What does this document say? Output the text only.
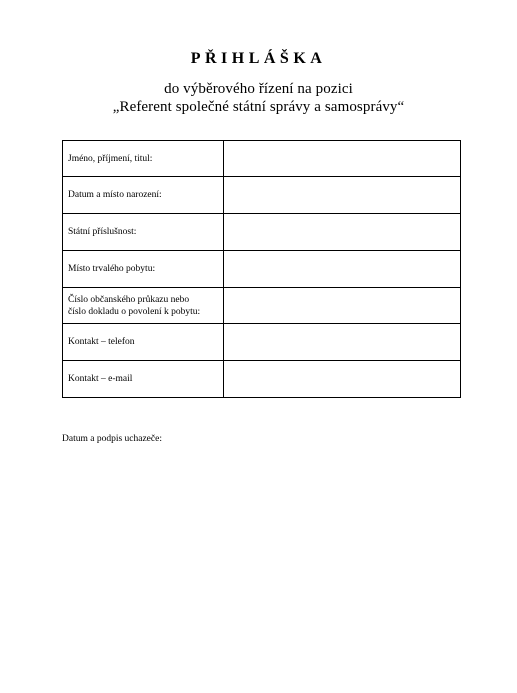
PŘIHLÁŠKA
do výběrového řízení na pozici
„Referent společné státní správy a samosprávy“
Jméno, příjmení, titul:	
Datum a místo narození:	
Státní příslušnost:	
Místo trvalého pobytu:	

Číslo občanského průkazu nebo
číslo dokladu o povolení k pobytu:	

Kontakt – telefon	
Kontakt – e-mail	
Datum a podpis uchazeče:
